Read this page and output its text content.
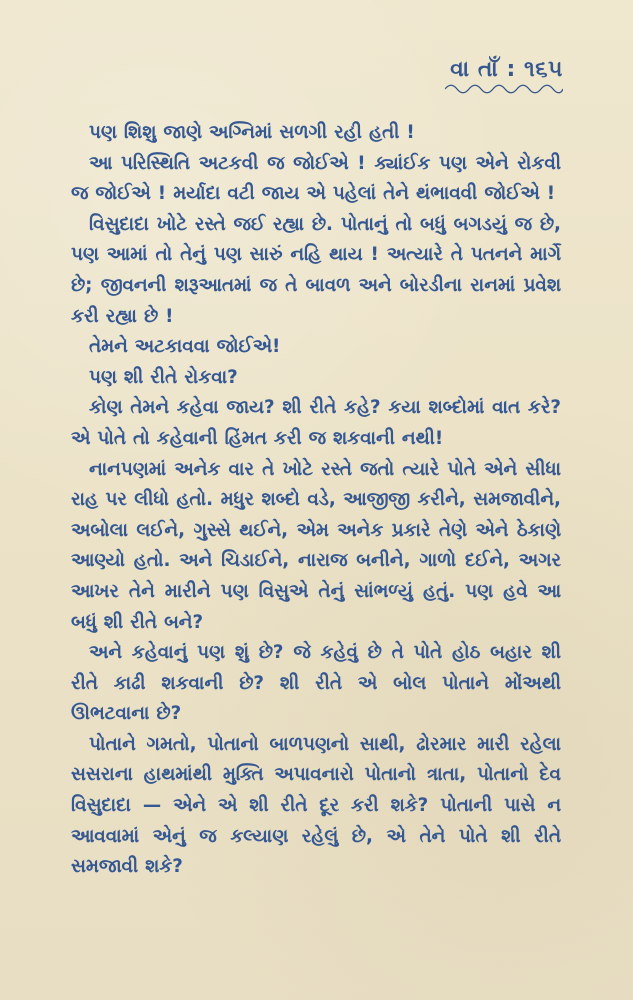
વા તાઁ : ૧૬૫

પણ શિશુ જાણે અગ્નિમાં સળગી રહી હતી !

આ પરિસ્થિતિ અટકવી જ જોઈએ ! ક્યાંઈક પણ એને રોકવી જ જોઈએ ! મર્યાદા વટી જાય એ પહેલાં તેને થંભાવવી જોઈએ !

વિસુદાદા ખોટે રસ્તે જઈ રહ્યા છે. પોતાનું તો બધું બગડયું જ છે, પણ આમાં તો તેનું પણ સારું નહિ થાય ! અત્યારે તે પતનને માર્ગે છે; જીવનની શરૂઆતમાં જ તે બાવળ અને બોરડીના રાનમાં પ્રવેશ કરી રહ્યા છે !

તેમને અટકાવવા જોઈએ!

પણ શી રીતે રોકવા?

કોણ તેમને કહેવા જાય? શી રીતે કહે? કયા શબ્દોમાં વાત કરે? એ પોતે તો કહેવાની હિંમત કરી જ શકવાની નથી!

નાનપણમાં અનેક વાર તે ખોટે રસ્તે જતો ત્યારે પોતે એને સીધા રાહ પર લીધો હતો. મધુર શબ્દો વડે, આજીજી કરીને, સમજાવીને, અબોલા લઈને, ગુસ્સે થઈને, એમ અનેક પ્રકારે તેણે એને ઠેકાણે આણ્યો હતો. અને ચિડાઈને, નારાજ બનીને, ગાળો દઈને, અગર આખર તેને મારીને પણ વિસુએ તેનું સાંભળ્યું હતું. પણ હવે આ બધું શી રીતે બને?

અને કહેવાનું પણ શું છે? જે કહેવું છે તે પોતે હોઠ બહાર શી રીતે કાઢી શકવાની છે? શી રીતે એ બોલ પોતાને મોંઅથી ઊભટવાના છે?

પોતાને ગમતો, પોતાનો બાળપણનો સાથી, ઢોરમાર મારી રહેલા સસરાના હાથમાંથી મુક્તિ અપાવનારો પોતાનો ત્રાતા, પોતાનો દેવ વિસુદાદા — એને એ શી રીતે દૂર કરી શકે? પોતાની પાસે ન આવવામાં એનું જ કલ્યાણ રહેલું છે, એ તેને પોતે શી રીતે સમજાવી શકે?
